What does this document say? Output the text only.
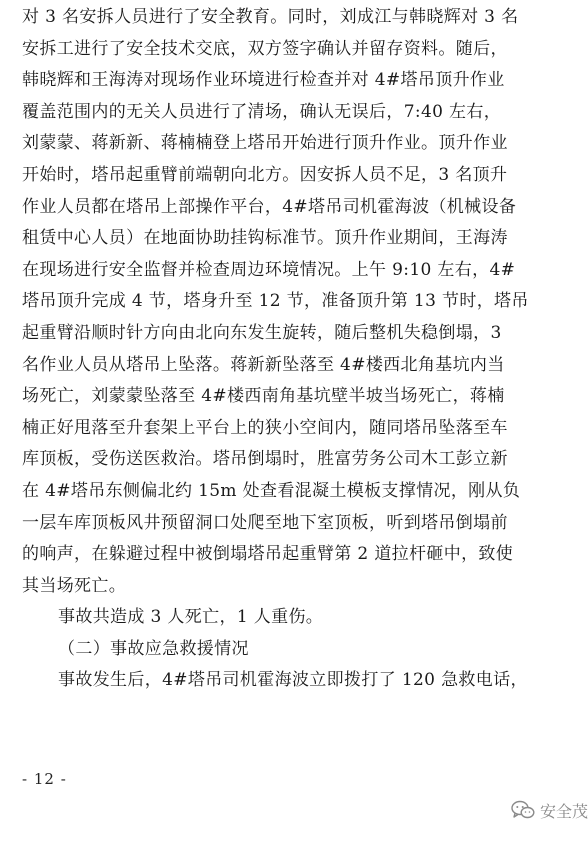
对 3 名安拆人员进行了安全教育。同时，刘成江与韩晓辉对 3 名
安拆工进行了安全技术交底，双方签字确认并留存资料。随后，
韩晓辉和王海涛对现场作业环境进行检查并对 4#塔吊顶升作业
覆盖范围内的无关人员进行了清场，确认无误后，7:40 左右，
刘蒙蒙、蒋新新、蒋楠楠登上塔吊开始进行顶升作业。顶升作业
开始时，塔吊起重臂前端朝向北方。因安拆人员不足，3 名顶升
作业人员都在塔吊上部操作平台，4#塔吊司机霍海波（机械设备
租赁中心人员）在地面协助挂钩标准节。顶升作业期间，王海涛
在现场进行安全监督并检查周边环境情况。上午 9:10 左右，4#
塔吊顶升完成 4 节，塔身升至 12 节，准备顶升第 13 节时，塔吊
起重臂沿顺时针方向由北向东发生旋转，随后整机失稳倒塌，3
名作业人员从塔吊上坠落。蒋新新坠落至 4#楼西北角基坑内当
场死亡，刘蒙蒙坠落至 4#楼西南角基坑壁半坡当场死亡，蒋楠
楠正好甩落至升套架上平台上的狭小空间内，随同塔吊坠落至车
库顶板，受伤送医救治。塔吊倒塌时，胜富劳务公司木工彭立新
在 4#塔吊东侧偏北约 15m 处查看混凝土模板支撑情况，刚从负
一层车库顶板风井预留洞口处爬至地下室顶板，听到塔吊倒塌前
的响声，在躲避过程中被倒塌塔吊起重臂第 2 道拉杆砸中，致使
其当场死亡。
事故共造成 3 人死亡，1 人重伤。
（二）事故应急救援情况
事故发生后，4#塔吊司机霍海波立即拨打了 120 急救电话，
- 12 -
安全茂
